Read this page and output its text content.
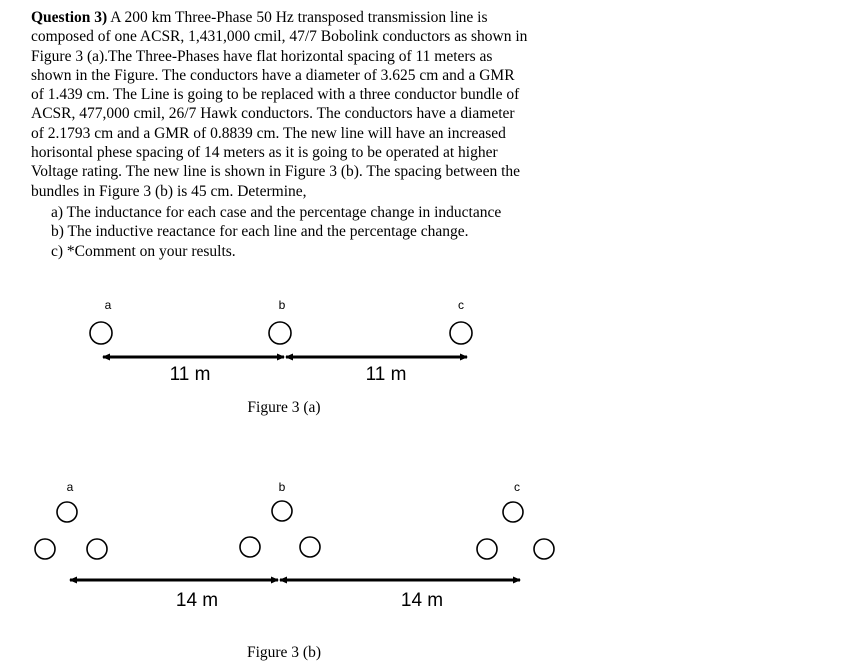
Question 3) A 200 km Three-Phase 50 Hz transposed transmission line is
composed of one ACSR, 1,431,000 cmil, 47/7 Bobolink conductors as shown in
Figure 3 (a).The Three-Phases have flat horizontal spacing of 11 meters as
shown in the Figure. The conductors have a diameter of 3.625 cm and a GMR
of 1.439 cm. The Line is going to be replaced with a three conductor bundle of
ACSR, 477,000 cmil, 26/7 Hawk conductors. The conductors have a diameter
of 2.1793 cm and a GMR of 0.8839 cm. The new line will have an increased
horisontal phese spacing of 14 meters as it is going to be operated at higher
Voltage rating. The new line is shown in Figure 3 (b). The spacing between the
bundles in Figure 3 (b) is 45 cm. Determine,
a) The inductance for each case and the percentage change in inductance
b) The inductive reactance for each line and the percentage change.
c) *Comment on your results.
a	b	c
11 m	11 m
Figure 3 (a)
a	b	c
14 m	14 m
Figure 3 (b)
